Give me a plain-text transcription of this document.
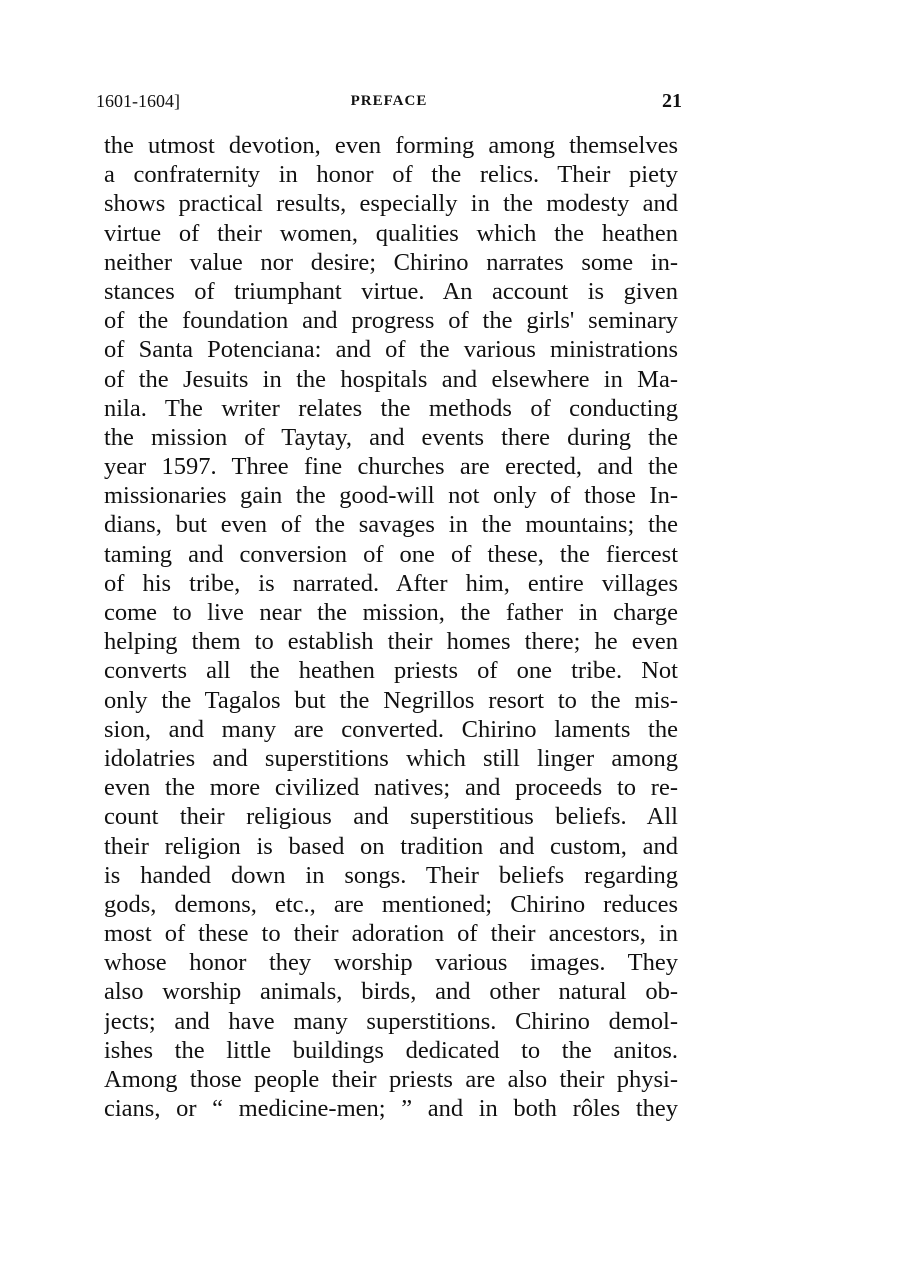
1601-1604]	PREFACE	21
the utmost devotion, even forming among themselves
a confraternity in honor of the relics. Their piety
shows practical results, especially in the modesty and
virtue of their women, qualities which the heathen
neither value nor desire; Chirino narrates some in-
stances of triumphant virtue. An account is given
of the foundation and progress of the girls' seminary
of Santa Potenciana: and of the various ministrations
of the Jesuits in the hospitals and elsewhere in Ma-
nila. The writer relates the methods of conducting
the mission of Taytay, and events there during the
year 1597. Three fine churches are erected, and the
missionaries gain the good-will not only of those In-
dians, but even of the savages in the mountains; the
taming and conversion of one of these, the fiercest
of his tribe, is narrated. After him, entire villages
come to live near the mission, the father in charge
helping them to establish their homes there; he even
converts all the heathen priests of one tribe. Not
only the Tagalos but the Negrillos resort to the mis-
sion, and many are converted. Chirino laments the
idolatries and superstitions which still linger among
even the more civilized natives; and proceeds to re-
count their religious and superstitious beliefs. All
their religion is based on tradition and custom, and
is handed down in songs. Their beliefs regarding
gods, demons, etc., are mentioned; Chirino reduces
most of these to their adoration of their ancestors, in
whose honor they worship various images. They
also worship animals, birds, and other natural ob-
jects; and have many superstitions. Chirino demol-
ishes the little buildings dedicated to the anitos.
Among those people their priests are also their physi-
cians, or “ medicine-men; ” and in both rôles they
